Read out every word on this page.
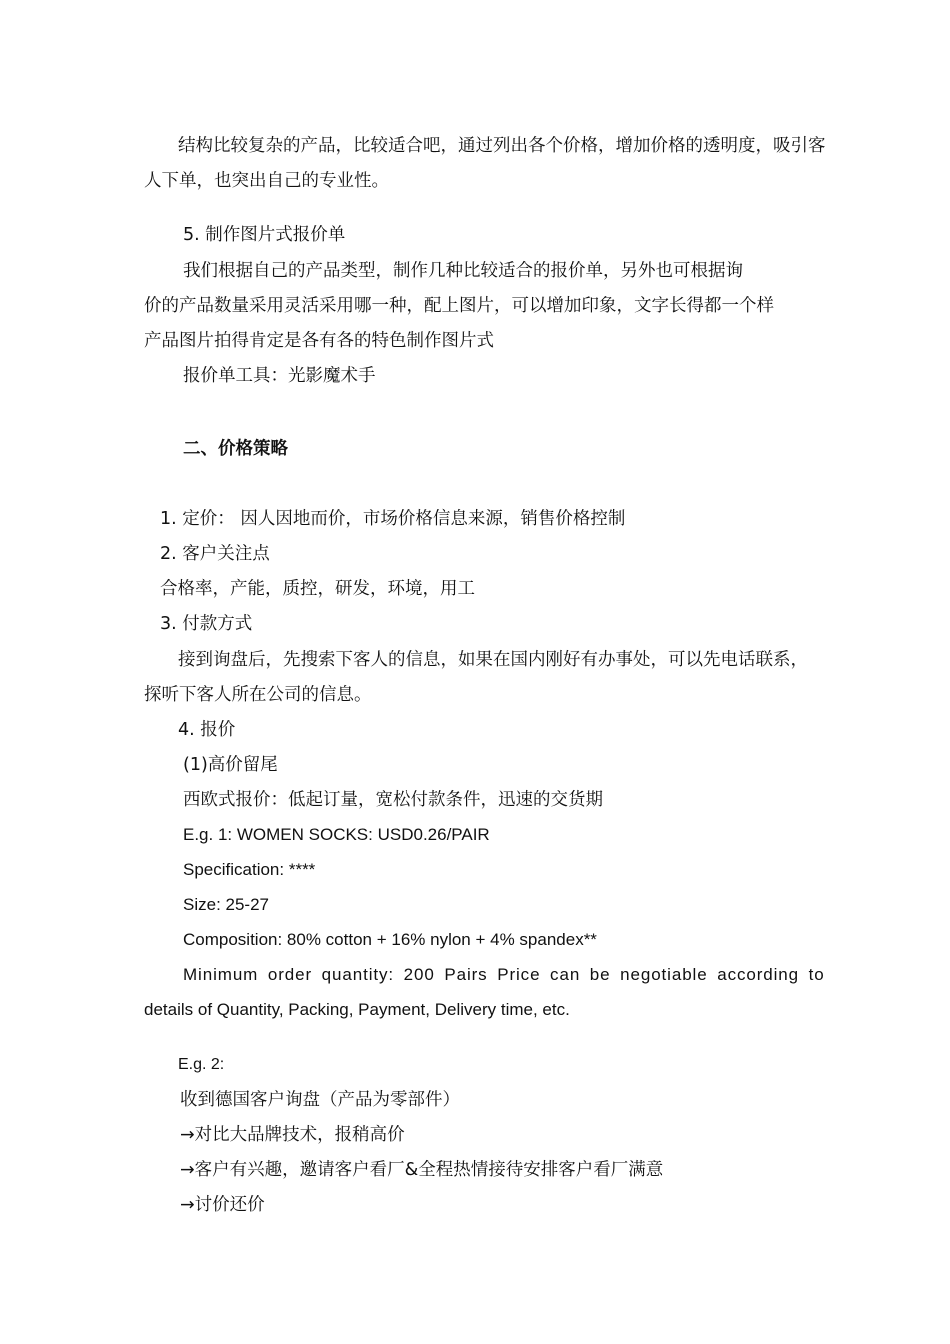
结构比较复杂的产品，比较适合吧，通过列出各个价格，增加价格的透明度，吸引客
人下单，也突出自己的专业性。
5. 制作图片式报价单
我们根据自己的产品类型，制作几种比较适合的报价单，另外也可根据询
价的产品数量采用灵活采用哪一种，配上图片，可以增加印象，文字长得都一个样
产品图片拍得肯定是各有各的特色制作图片式
报价单工具：光影魔术手
二、价格策略
1. 定价： 因人因地而价，市场价格信息来源，销售价格控制
2. 客户关注点
合格率，产能，质控，研发，环境，用工
3. 付款方式
接到询盘后，先搜索下客人的信息，如果在国内刚好有办事处，可以先电话联系，
探听下客人所在公司的信息。
4. 报价
(1)高价留尾
西欧式报价：低起订量，宽松付款条件，迅速的交货期
E.g. 1: WOMEN SOCKS: USD0.26/PAIR
Specification: ****
Size: 25-27
Composition: 80% cotton + 16% nylon + 4% spandex**
Minimum order quantity: 200 Pairs Price can be negotiable according to
details of Quantity, Packing, Payment, Delivery time, etc.
E.g. 2:
收到德国客户询盘（产品为零部件）
→对比大品牌技术，报稍高价
→客户有兴趣，邀请客户看厂&全程热情接待安排客户看厂满意
→讨价还价
